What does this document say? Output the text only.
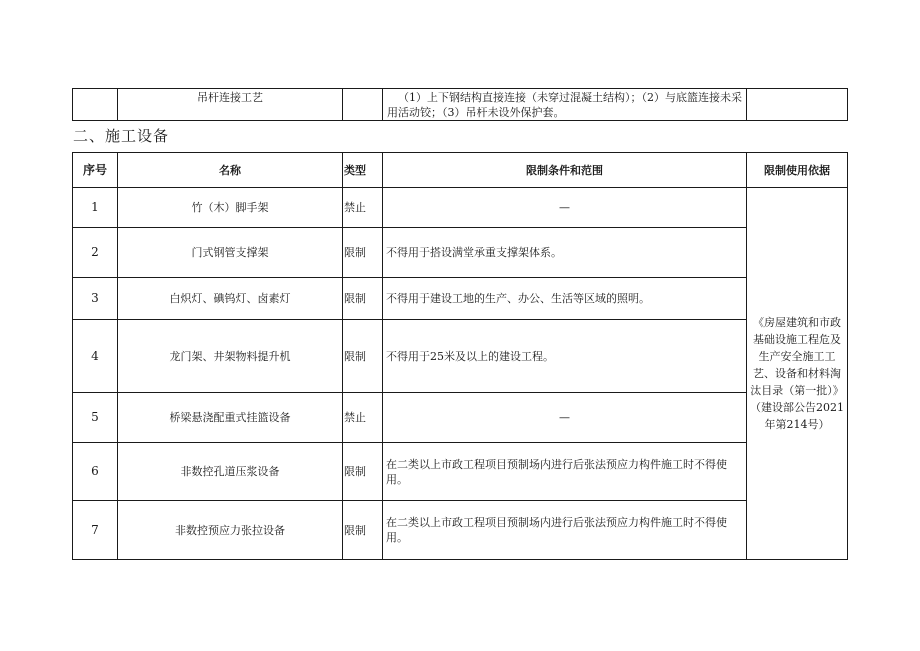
	吊杆连接工艺		（1）上下钢结构直接连接（未穿过混凝土结构）；（2）与底篮连接未采用活动铰；（3）吊杆未设外保护套。	
二、施工设备
序号	名称	类型	限制条件和范围	限制使用依据
1	竹（木）脚手架	禁止	—	《房屋建筑和市政基础设施工程危及生产安全施工工艺、设备和材料淘汰目录（第一批）》（建设部公告2021年第214号）
2	门式钢管支撑架	限制	不得用于搭设满堂承重支撑架体系。	
3	白炽灯、碘钨灯、卤素灯	限制	不得用于建设工地的生产、办公、生活等区域的照明。	
4	龙门架、井架物料提升机	限制	不得用于25米及以上的建设工程。	
5	桥梁悬浇配重式挂篮设备	禁止	—	
6	非数控孔道压浆设备	限制	在二类以上市政工程项目预制场内进行后张法预应力构件施工时不得使用。	
7	非数控预应力张拉设备	限制	在二类以上市政工程项目预制场内进行后张法预应力构件施工时不得使用。	
